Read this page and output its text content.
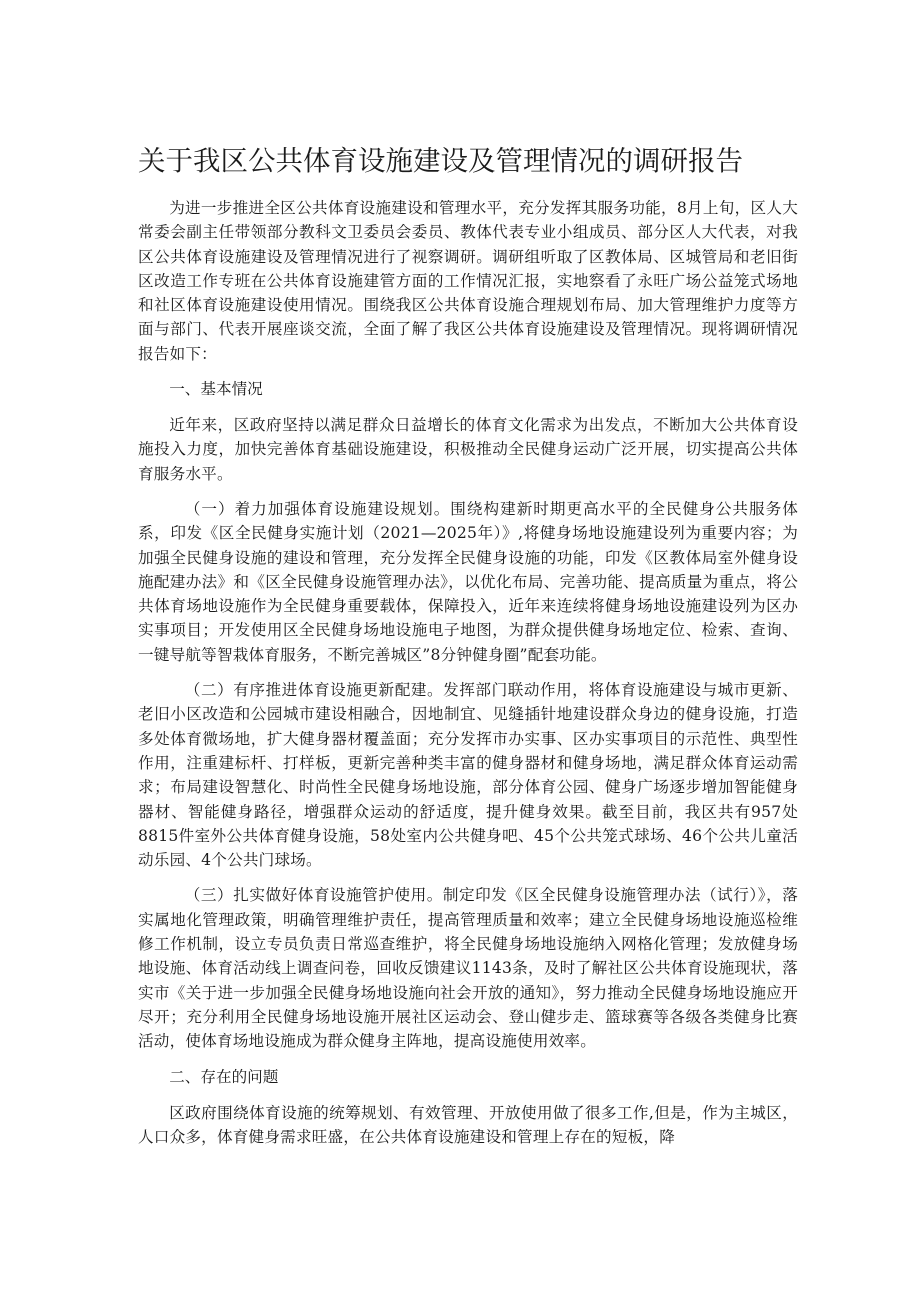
关于我区公共体育设施建设及管理情况的调研报告

为进一步推进全区公共体育设施建设和管理水平，充分发挥其服务功能，8月上旬，区人大常委会副主任带领部分教科文卫委员会委员、教体代表专业小组成员、部分区人大代表，对我区公共体育设施建设及管理情况进行了视察调研。调研组听取了区教体局、区城管局和老旧街区改造工作专班在公共体育设施建管方面的工作情况汇报，实地察看了永旺广场公益笼式场地和社区体育设施建设使用情况。围绕我区公共体育设施合理规划布局、加大管理维护力度等方面与部门、代表开展座谈交流，全面了解了我区公共体育设施建设及管理情况。现将调研情况报告如下：

一、基本情况

近年来，区政府坚持以满足群众日益增长的体育文化需求为出发点，不断加大公共体育设施投入力度，加快完善体育基础设施建设，积极推动全民健身运动广泛开展，切实提高公共体育服务水平。

（一）着力加强体育设施建设规划。围绕构建新时期更高水平的全民健身公共服务体系，印发《区全民健身实施计划（2021—2025年）》,将健身场地设施建设列为重要内容；为加强全民健身设施的建设和管理，充分发挥全民健身设施的功能，印发《区教体局室外健身设施配建办法》和《区全民健身设施管理办法》，以优化布局、完善功能、提高质量为重点，将公共体育场地设施作为全民健身重要载体，保障投入，近年来连续将健身场地设施建设列为区办实事项目；开发使用区全民健身场地设施电子地图，为群众提供健身场地定位、检索、查询、一键导航等智栽体育服务，不断完善城区”8分钟健身圈”配套功能。

（二）有序推进体育设施更新配建。发挥部门联动作用，将体育设施建设与城市更新、老旧小区改造和公园城市建设相融合，因地制宜、见缝插针地建设群众身边的健身设施，打造多处体育微场地，扩大健身器材覆盖面；充分发挥市办实事、区办实事项目的示范性、典型性作用，注重建标杆、打样板，更新完善种类丰富的健身器材和健身场地，满足群众体育运动需求；布局建设智慧化、时尚性全民健身场地设施，部分体育公园、健身广场逐步增加智能健身器材、智能健身路径，增强群众运动的舒适度，提升健身效果。截至目前，我区共有957处8815件室外公共体育健身设施，58处室内公共健身吧、45个公共笼式球场、46个公共儿童活动乐园、4个公共门球场。

（三）扎实做好体育设施管护使用。制定印发《区全民健身设施管理办法（试行）》，落实属地化管理政策，明确管理维护责任，提高管理质量和效率；建立全民健身场地设施巡检维修工作机制，设立专员负责日常巡查维护，将全民健身场地设施纳入网格化管理；发放健身场地设施、体育活动线上调查问卷，回收反馈建议1143条，及时了解社区公共体育设施现状，落实市《关于进一步加强全民健身场地设施向社会开放的通知》，努力推动全民健身场地设施应开尽开；充分利用全民健身场地设施开展社区运动会、登山健步走、篮球赛等各级各类健身比赛活动，使体育场地设施成为群众健身主阵地，提高设施使用效率。

二、存在的问题

区政府围绕体育设施的统筹规划、有效管理、开放使用做了很多工作,但是，作为主城区，人口众多，体育健身需求旺盛，在公共体育设施建设和管理上存在的短板，降
